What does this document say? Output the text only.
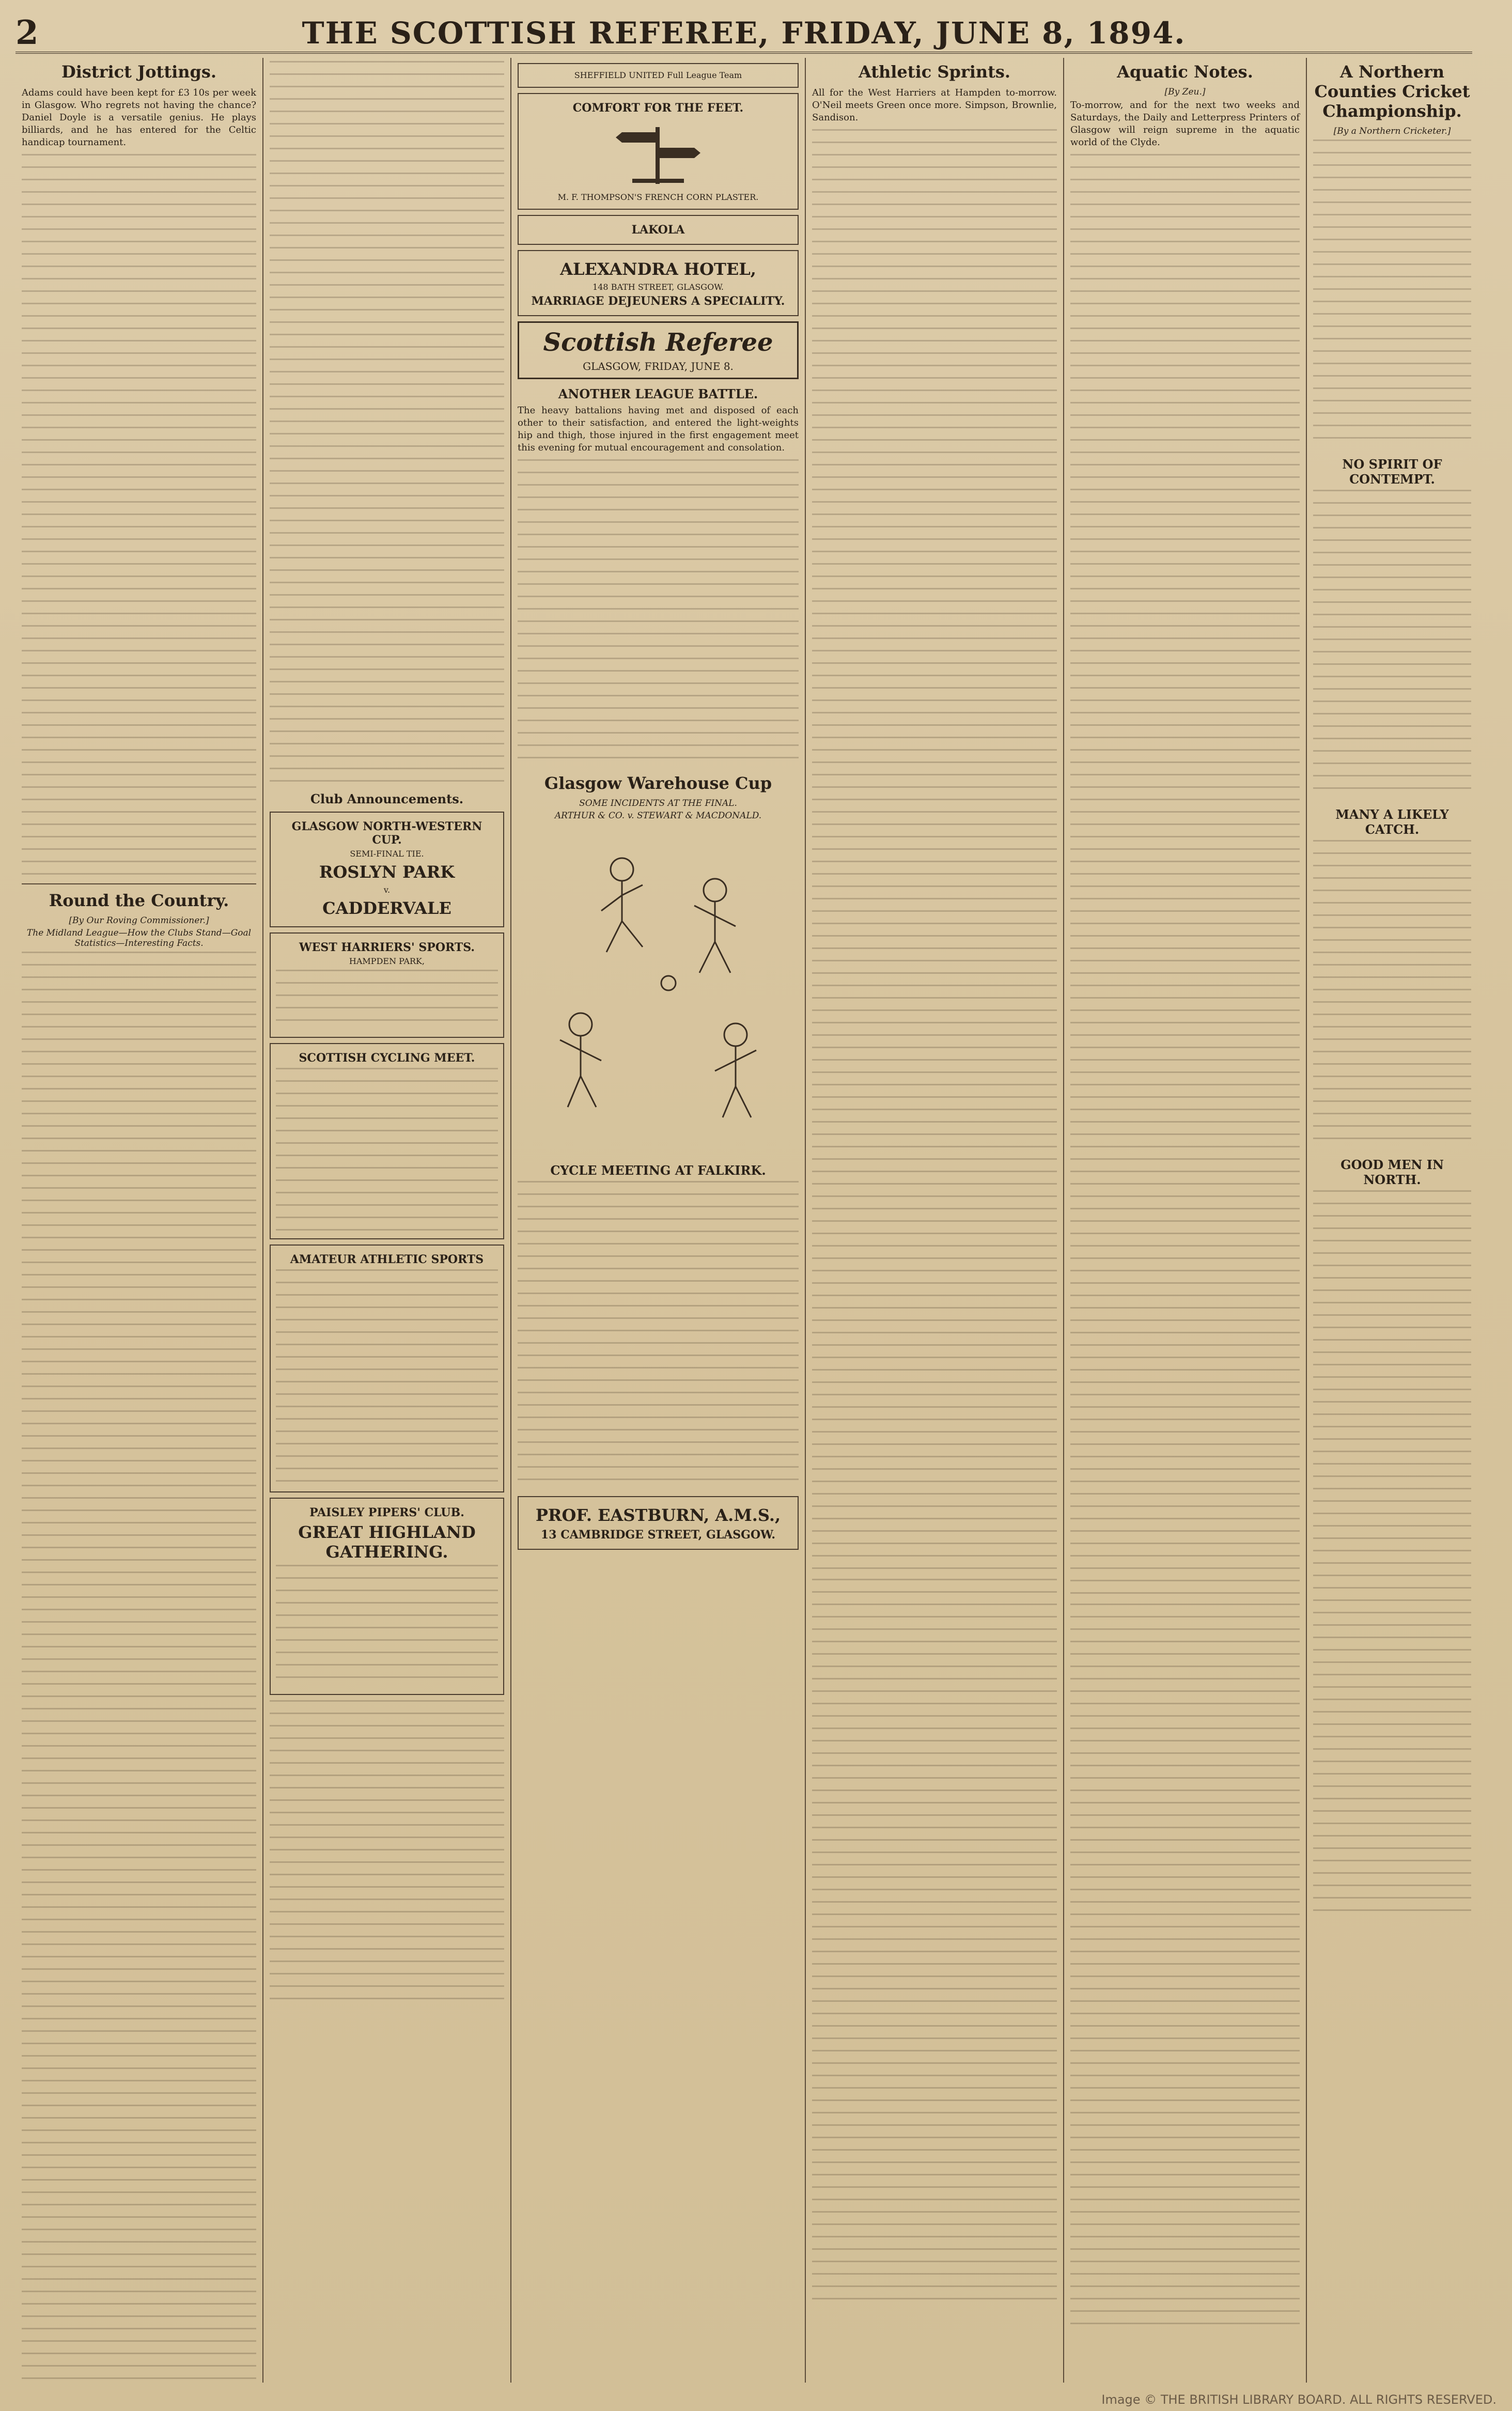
2	THE SCOTTISH REFEREE, FRIDAY, JUNE 8, 1894.
District Jottings.

Adams could have been kept for £3 10s per week in Glasgow. Who regrets not having the chance? Daniel Doyle is a versatile genius. He plays billiards, and he has entered for the Celtic handicap tournament.

Round the Country.
[By Our Roving Commissioner.]
The Midland League—How the Clubs Stand—Goal Statistics—Interesting Facts.
Club Announcements.
GLASGOW NORTH-WESTERN CUP.
SEMI-FINAL TIE.
ROSLYN PARK
v.
CADDERVALE
WEST HARRIERS' SPORTS.
HAMPDEN PARK,
SCOTTISH CYCLING MEET.
AMATEUR ATHLETIC SPORTS
PAISLEY PIPERS' CLUB.
GREAT HIGHLAND GATHERING.
SHEFFIELD UNITED Full League Team
COMFORT FOR THE FEET.
M. F. THOMPSON'S FRENCH CORN PLASTER.
LAKOLA
ALEXANDRA HOTEL,
148 BATH STREET, GLASGOW.
MARRIAGE DEJEUNERS A SPECIALITY.
Scottish Referee
GLASGOW, FRIDAY, JUNE 8.
ANOTHER LEAGUE BATTLE.

The heavy battalions having met and disposed of each other to their satisfaction, and entered the light-weights hip and thigh, those injured in the first engagement meet this evening for mutual encouragement and consolation.

Glasgow Warehouse Cup
SOME INCIDENTS AT THE FINAL.
ARTHUR & CO. v. STEWART & MACDONALD.
CYCLE MEETING AT FALKIRK.
PROF. EASTBURN, A.M.S.,
13 CAMBRIDGE STREET, GLASGOW.
Athletic Sprints.

All for the West Harriers at Hampden to-morrow. O'Neil meets Green once more. Simpson, Brownlie, Sandison.

Aquatic Notes.
[By Zeu.]

To-morrow, and for the next two weeks and Saturdays, the Daily and Letterpress Printers of Glasgow will reign supreme in the aquatic world of the Clyde.

A Northern Counties Cricket Championship.
[By a Northern Cricketer.]
NO SPIRIT OF CONTEMPT.
MANY A LIKELY CATCH.
GOOD MEN IN NORTH.
Image © THE BRITISH LIBRARY BOARD. ALL RIGHTS RESERVED.
